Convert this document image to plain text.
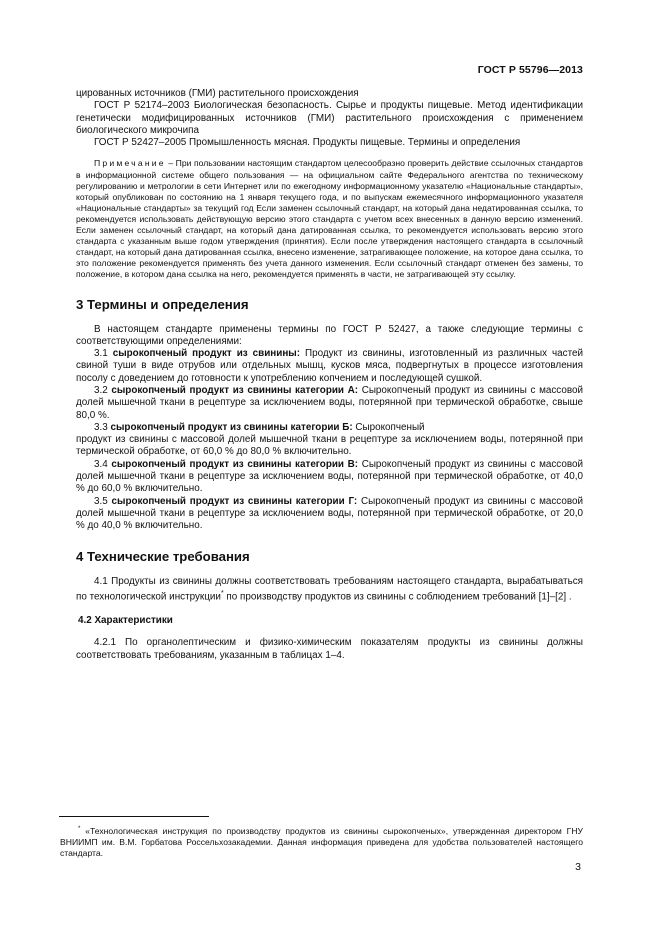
ГОСТ Р 55796—2013

цированных источников (ГМИ) растительного происхождения

ГОСТ Р 52174–2003 Биологическая безопасность. Сырье и продукты пищевые. Метод идентификации генетически модифицированных источников (ГМИ) растительного происхождения с применением биологического микрочипа

ГОСТ Р 52427–2005 Промышленность мясная. Продукты пищевые. Термины и определения

Примечание – При пользовании настоящим стандартом целесообразно проверить действие ссылочных стандартов в информационной системе общего пользования — на официальном сайте Федерального агентства по техническому регулированию и метрологии в сети Интернет или по ежегодному информационному указателю «Национальные стандарты», который опубликован по состоянию на 1 января текущего года, и по выпускам ежемесячного информационного указателя «Национальные стандарты» за текущий год Если заменен ссылочный стандарт, на который дана недатированная ссылка, то рекомендуется использовать действующую версию этого стандарта с учетом всех внесенных в данную версию изменений. Если заменен ссылочный стандарт, на который дана датированная ссылка, то рекомендуется использовать версию этого стандарта с указанным выше годом утверждения (принятия). Если после утверждения настоящего стандарта в ссылочный стандарт, на который дана датированная ссылка, внесено изменение, затрагивающее положение, на которое дана ссылка, то это положение рекомендуется применять без учета данного изменения. Если ссылочный стандарт отменен без замены, то положение, в котором дана ссылка на него, рекомендуется применять в части, не затрагивающей эту ссылку.

3 Термины и определения

В настоящем стандарте применены термины по ГОСТ Р 52427, а также следующие термины с соответствующими определениями:

3.1 сырокопченый продукт из свинины: Продукт из свинины, изготовленный из различных частей свиной туши в виде отрубов или отдельных мышц, кусков мяса, подвергнутых в процессе изготовления посолу с доведением до готовности к употреблению копчением и последующей сушкой.

3.2 сырокопченый продукт из свинины категории А: Сырокопченый продукт из свинины с массовой долей мышечной ткани в рецептуре за исключением воды, потерянной при термической обработке, свыше 80,0 %.

3.3 сырокопченый продукт из свинины категории Б: Сырокопченый

продукт из свинины с массовой долей мышечной ткани в рецептуре за исключением воды, потерянной при термической обработке, от 60,0 % до 80,0 % включительно.

3.4 сырокопченый продукт из свинины категории В: Сырокопченый продукт из свинины с массовой долей мышечной ткани в рецептуре за исключением воды, потерянной при термической обработке, от 40,0 % до 60,0 % включительно.

3.5 сырокопченый продукт из свинины категории Г: Сырокопченый продукт из свинины с массовой долей мышечной ткани в рецептуре за исключением воды, потерянной при термической обработке, от 20,0 % до 40,0 % включительно.

4 Технические требования

4.1 Продукты из свинины должны соответствовать требованиям настоящего стандарта, вырабатываться по технологической инструкции* по производству продуктов из свинины с соблюдением требований [1]–[2] .

4.2 Характеристики

4.2.1 По органолептическим и физико-химическим показателям продукты из свинины должны соответствовать требованиям, указанным в таблицах 1–4.

* «Технологическая инструкция по производству продуктов из свинины сырокопченых», утвержденная директором ГНУ ВНИИМП им. В.М. Горбатова Россельхозакадемии. Данная информация приведена для удобства пользователей настоящего стандарта.
3
